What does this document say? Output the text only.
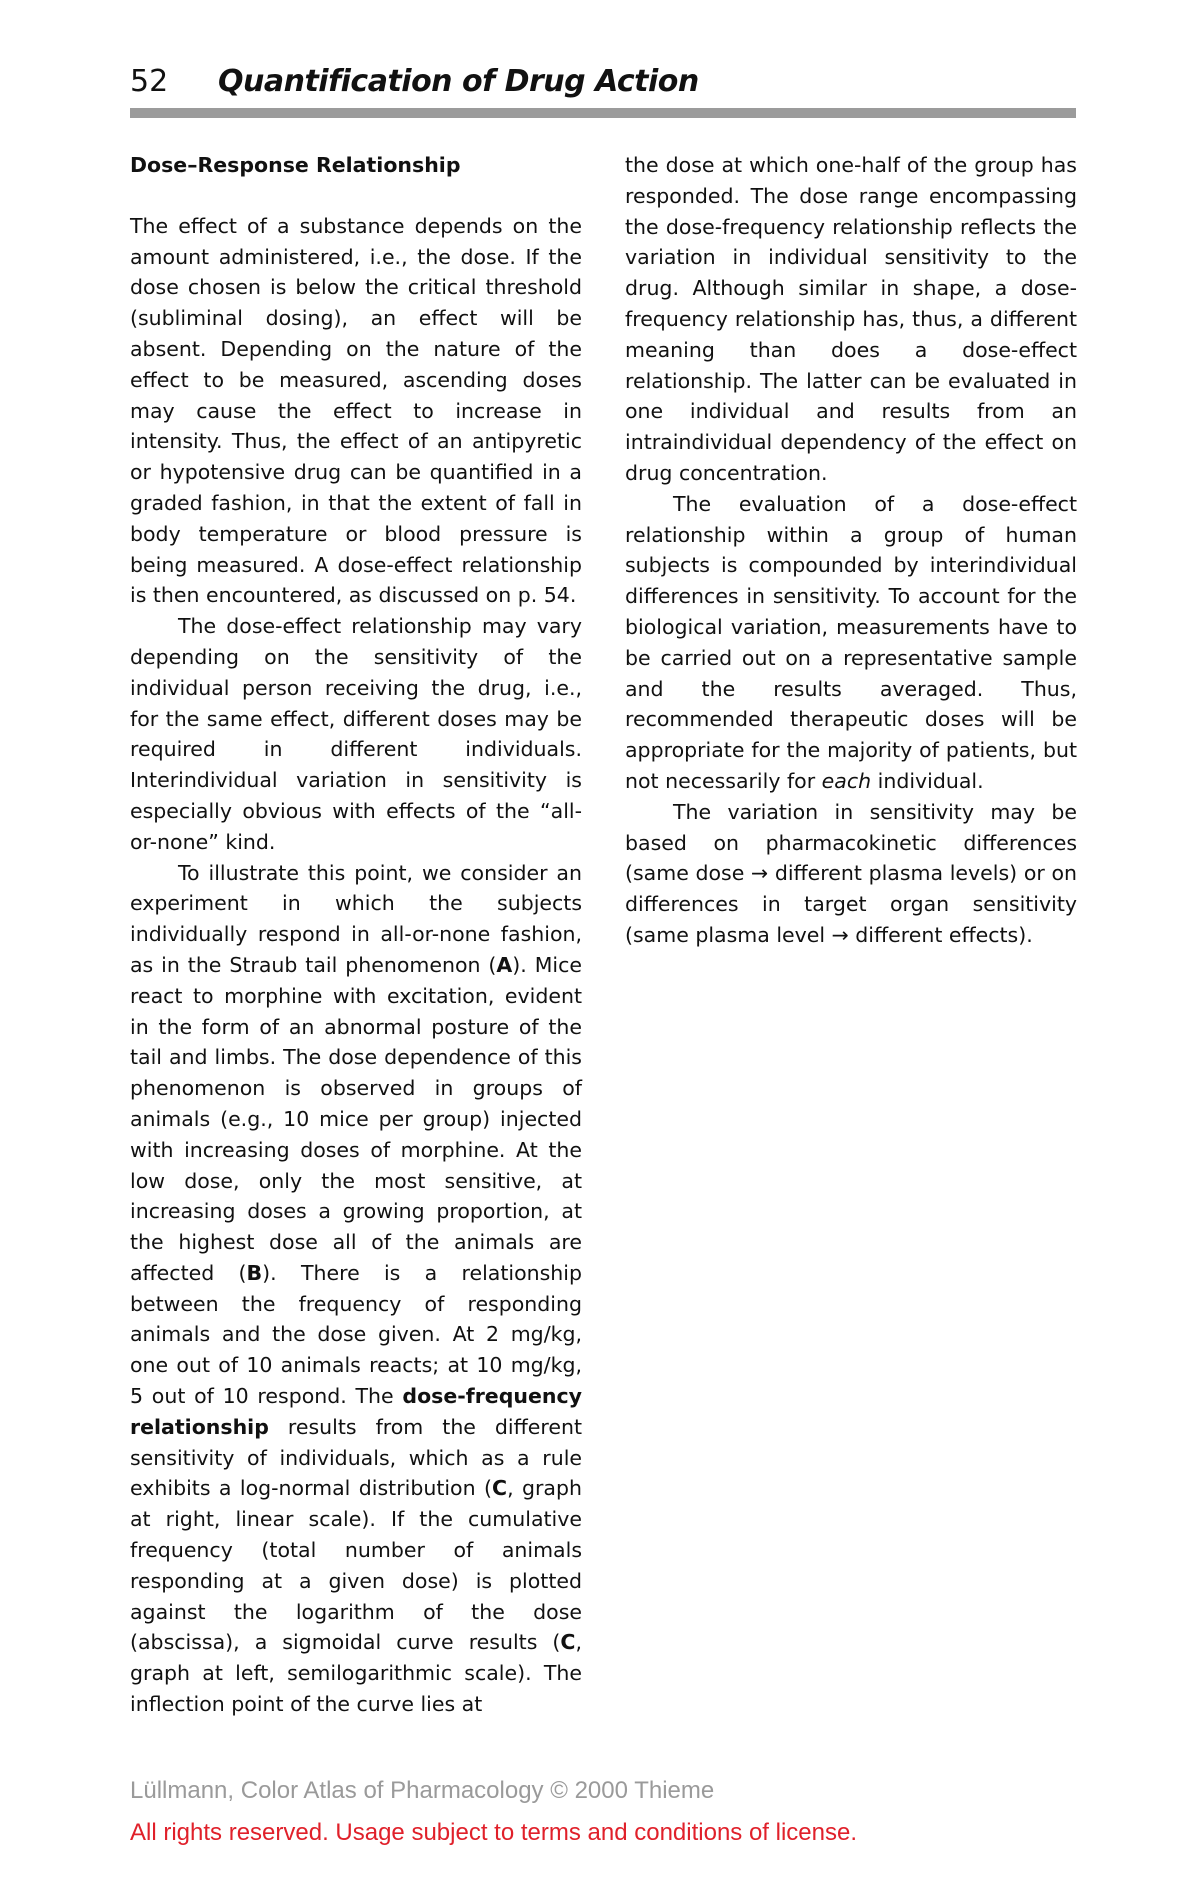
52 Quantification of Drug Action
Dose–Response Relationship

The effect of a substance depends on the amount administered, i.e., the dose. If the dose chosen is below the critical threshold (subliminal dosing), an effect will be absent. Depending on the nature of the effect to be measured, ascending doses may cause the effect to increase in intensity. Thus, the effect of an antipyretic or hypotensive drug can be quantified in a graded fashion, in that the extent of fall in body temperature or blood pressure is being measured. A dose-effect relationship is then encountered, as discussed on p. 54.

The dose-effect relationship may vary depending on the sensitivity of the individual person receiving the drug, i.e., for the same effect, different doses may be required in different individuals. Interindividual variation in sensitivity is especially obvious with effects of the “all-or-none” kind.

To illustrate this point, we consider an experiment in which the subjects individually respond in all-or-none fashion, as in the Straub tail phenomenon (A). Mice react to morphine with excitation, evident in the form of an abnormal posture of the tail and limbs. The dose dependence of this phenomenon is observed in groups of animals (e.g., 10 mice per group) injected with increasing doses of morphine. At the low dose, only the most sensitive, at increasing doses a growing proportion, at the highest dose all of the animals are affected (B). There is a relationship between the frequency of responding animals and the dose given. At 2 mg/kg, one out of 10 animals reacts; at 10 mg/kg, 5 out of 10 respond. The dose-frequency relationship results from the different sensitivity of individuals, which as a rule exhibits a log-normal distribution (C, graph at right, linear scale). If the cumulative frequency (total number of animals responding at a given dose) is plotted against the logarithm of the dose (abscissa), a sigmoidal curve results (C, graph at left, semilogarithmic scale). The inflection point of the curve lies at

the dose at which one-half of the group has responded. The dose range encompassing the dose-frequency relationship reflects the variation in individual sensitivity to the drug. Although similar in shape, a dose-frequency relationship has, thus, a different meaning than does a dose-effect relationship. The latter can be evaluated in one individual and results from an intraindividual dependency of the effect on drug concentration.

The evaluation of a dose-effect relationship within a group of human subjects is compounded by interindividual differences in sensitivity. To account for the biological variation, measurements have to be carried out on a representative sample and the results averaged. Thus, recommended therapeutic doses will be appropriate for the majority of patients, but not necessarily for each individual.

The variation in sensitivity may be based on pharmacokinetic differences (same dose → different plasma levels) or on differences in target organ sensitivity (same plasma level → different effects).

Lüllmann, Color Atlas of Pharmacology © 2000 Thieme
All rights reserved. Usage subject to terms and conditions of license.
